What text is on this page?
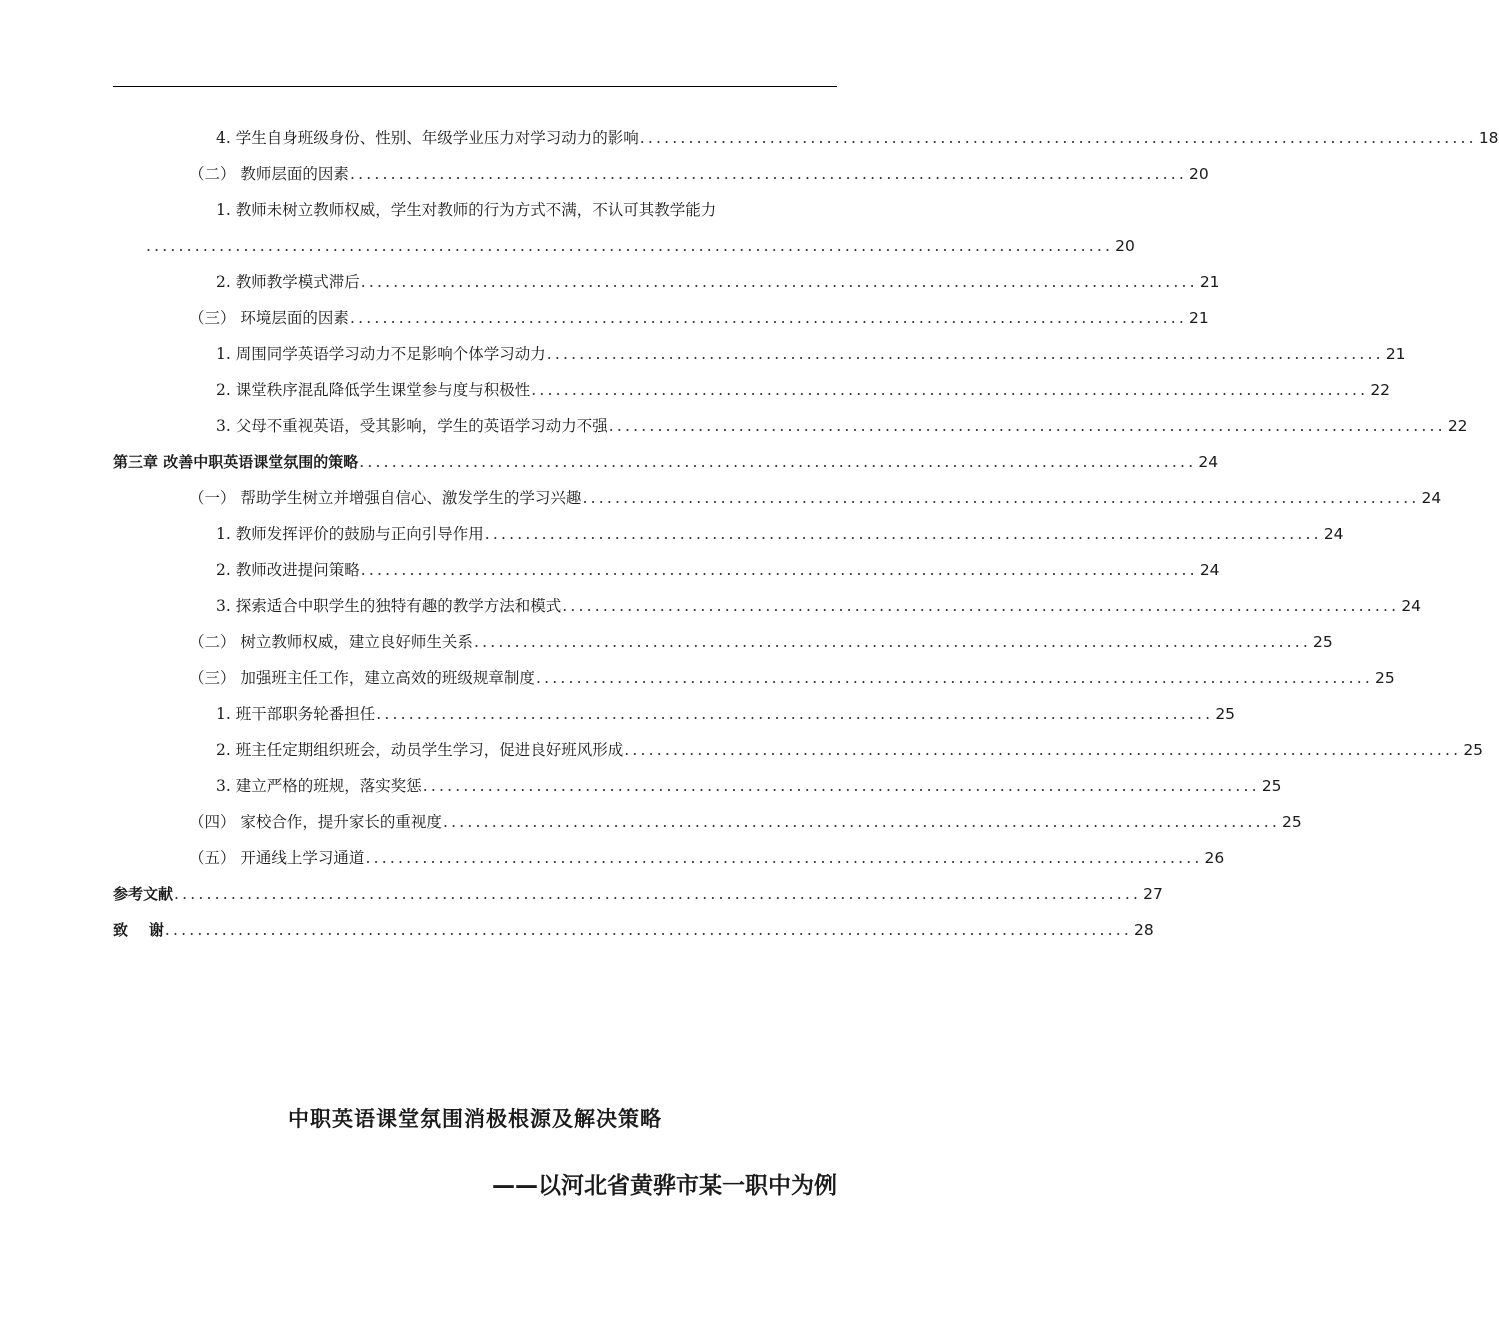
4. 学生自身班级身份、性别、年级学业压力对学习动力的影响 ....................................................................................................... 18
（二） 教师层面的因素 ....................................................................................................... 20
1. 教师未树立教师权威，学生对教师的行为方式不满，不认可其教学能力
....................................................................................................................... 20
2. 教师教学模式滞后 ....................................................................................................... 21
（三） 环境层面的因素 ....................................................................................................... 21
1. 周围同学英语学习动力不足影响个体学习动力 ....................................................................................................... 21
2. 课堂秩序混乱降低学生课堂参与度与积极性 ....................................................................................................... 22
3. 父母不重视英语，受其影响，学生的英语学习动力不强 ....................................................................................................... 22
第三章 改善中职英语课堂氛围的策略 ....................................................................................................... 24
（一） 帮助学生树立并增强自信心、激发学生的学习兴趣 ....................................................................................................... 24
1. 教师发挥评价的鼓励与正向引导作用 ....................................................................................................... 24
2. 教师改进提问策略 ....................................................................................................... 24
3. 探索适合中职学生的独特有趣的教学方法和模式 ....................................................................................................... 24
（二） 树立教师权威，建立良好师生关系 ....................................................................................................... 25
（三） 加强班主任工作，建立高效的班级规章制度 ....................................................................................................... 25
1. 班干部职务轮番担任 ....................................................................................................... 25
2. 班主任定期组织班会，动员学生学习，促进良好班风形成 ....................................................................................................... 25
3. 建立严格的班规，落实奖惩 ....................................................................................................... 25
（四） 家校合作，提升家长的重视度 ....................................................................................................... 25
（五） 开通线上学习通道 ....................................................................................................... 26
参考文献 ....................................................................................................................... 27
致    谢 ....................................................................................................................... 28
中职英语课堂氛围消极根源及解决策略
——以河北省黄骅市某一职中为例
